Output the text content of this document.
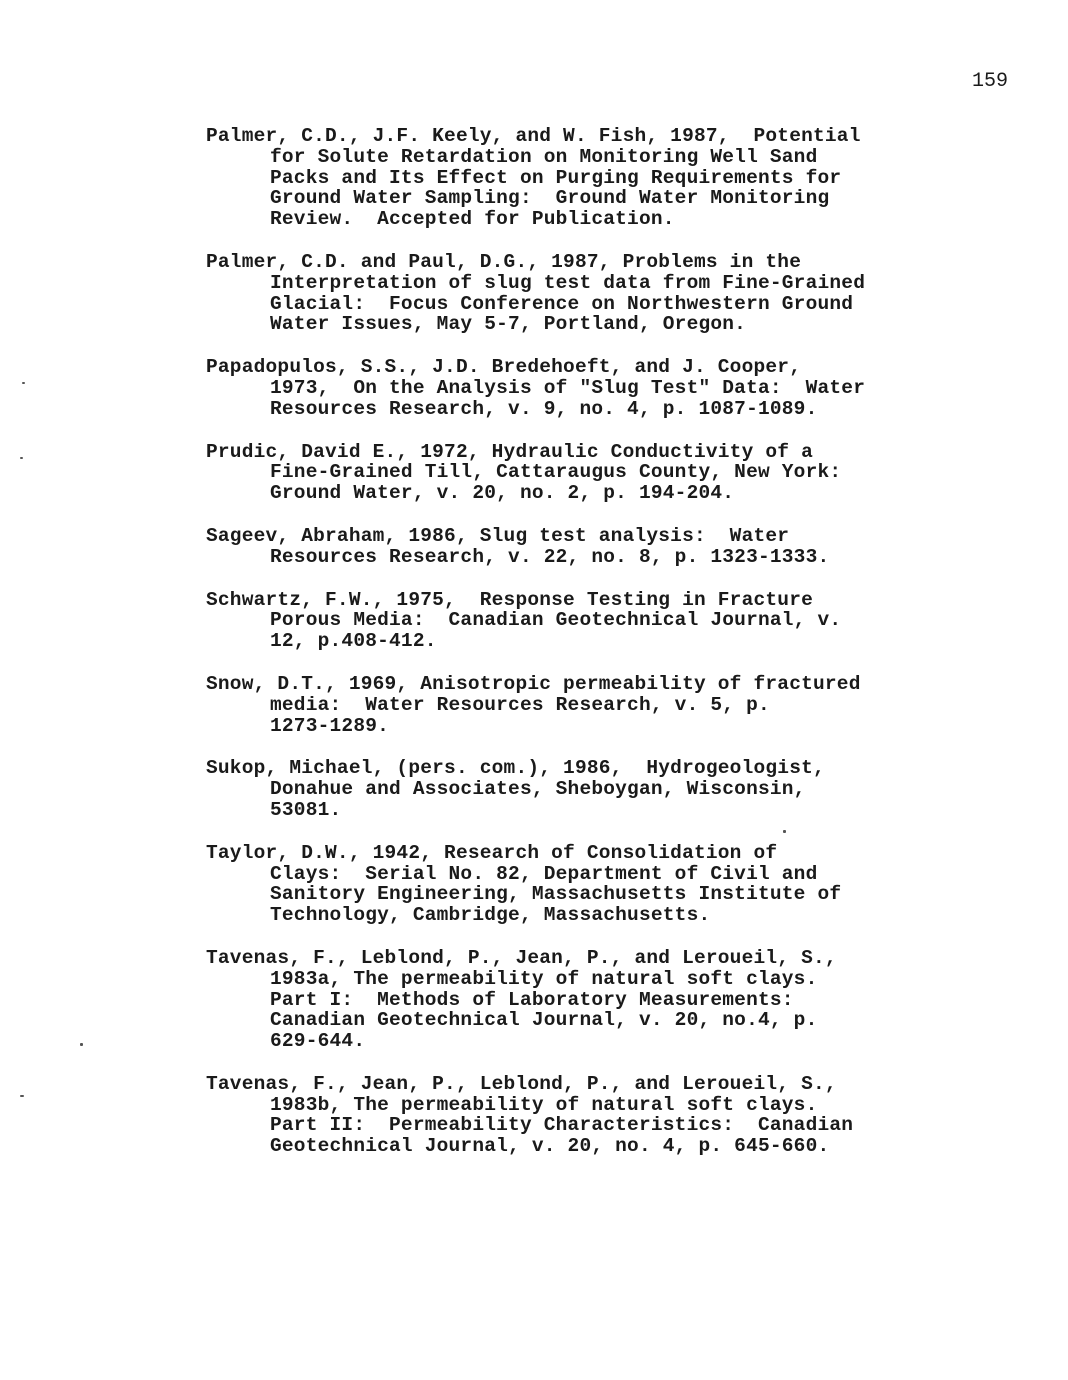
159
Palmer, C.D., J.F. Keely, and W. Fish, 1987,  Potential
for Solute Retardation on Monitoring Well Sand
Packs and Its Effect on Purging Requirements for
Ground Water Sampling:  Ground Water Monitoring
Review.  Accepted for Publication.
Palmer, C.D. and Paul, D.G., 1987, Problems in the
Interpretation of slug test data from Fine-Grained
Glacial:  Focus Conference on Northwestern Ground
Water Issues, May 5-7, Portland, Oregon.
Papadopulos, S.S., J.D. Bredehoeft, and J. Cooper,
1973,  On the Analysis of "Slug Test" Data:  Water
Resources Research, v. 9, no. 4, p. 1087-1089.
Prudic, David E., 1972, Hydraulic Conductivity of a
Fine-Grained Till, Cattaraugus County, New York:
Ground Water, v. 20, no. 2, p. 194-204.
Sageev, Abraham, 1986, Slug test analysis:  Water
Resources Research, v. 22, no. 8, p. 1323-1333.
Schwartz, F.W., 1975,  Response Testing in Fracture
Porous Media:  Canadian Geotechnical Journal, v.
12, p.408-412.
Snow, D.T., 1969, Anisotropic permeability of fractured
media:  Water Resources Research, v. 5, p.
1273-1289.
Sukop, Michael, (pers. com.), 1986,  Hydrogeologist,
Donahue and Associates, Sheboygan, Wisconsin,
53081.
Taylor, D.W., 1942, Research of Consolidation of
Clays:  Serial No. 82, Department of Civil and
Sanitory Engineering, Massachusetts Institute of
Technology, Cambridge, Massachusetts.
Tavenas, F., Leblond, P., Jean, P., and Leroueil, S.,
1983a, The permeability of natural soft clays.
Part I:  Methods of Laboratory Measurements:
Canadian Geotechnical Journal, v. 20, no.4, p.
629-644.
Tavenas, F., Jean, P., Leblond, P., and Leroueil, S.,
1983b, The permeability of natural soft clays.
Part II:  Permeability Characteristics:  Canadian
Geotechnical Journal, v. 20, no. 4, p. 645-660.
